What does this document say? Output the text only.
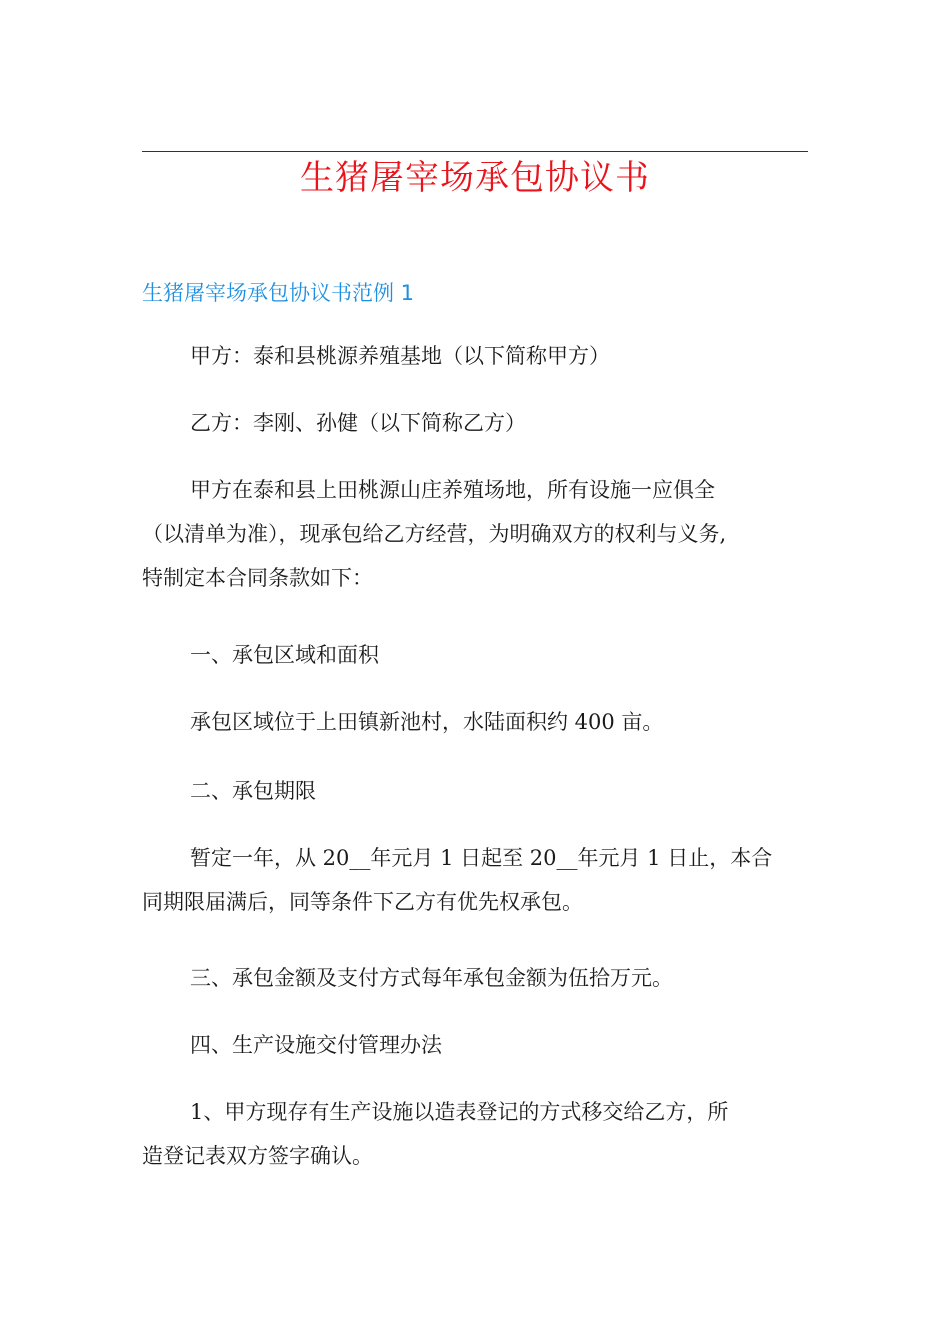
生猪屠宰场承包协议书
生猪屠宰场承包协议书范例 1

甲方：泰和县桃源养殖基地（以下简称甲方）

乙方：李刚、孙健（以下简称乙方）

甲方在泰和县上田桃源山庄养殖场地，所有设施一应俱全
（以清单为准），现承包给乙方经营，为明确双方的权利与义务,
特制定本合同条款如下：

一、承包区域和面积

承包区域位于上田镇新池村，水陆面积约 400 亩。

二、承包期限

暂定一年，从 20__年元月 1 日起至 20__年元月 1 日止，本合
同期限届满后，同等条件下乙方有优先权承包。

三、承包金额及支付方式每年承包金额为伍拾万元。

四、生产设施交付管理办法

1、甲方现存有生产设施以造表登记的方式移交给乙方，所
造登记表双方签字确认。
